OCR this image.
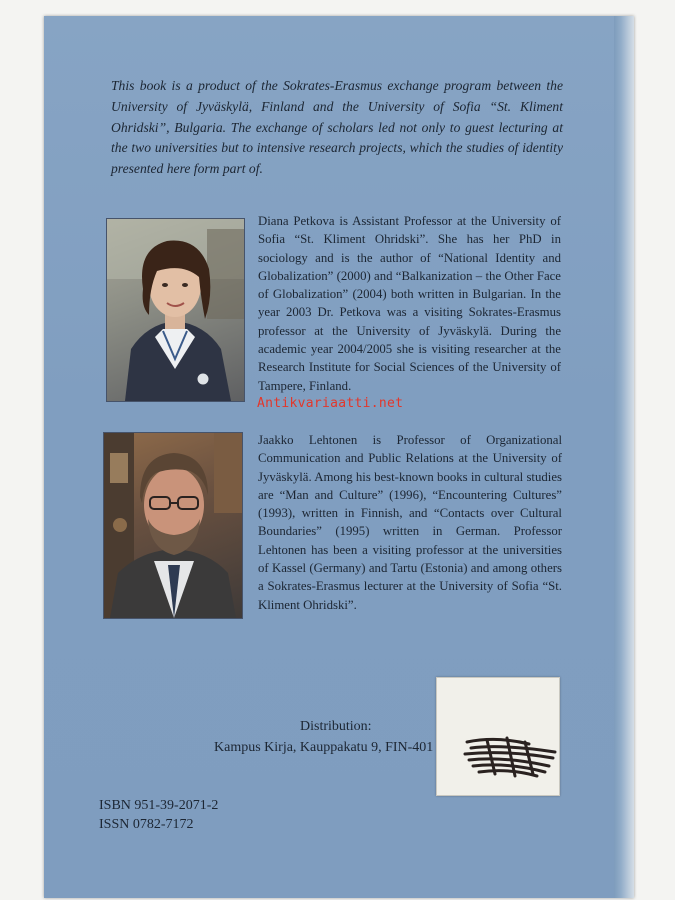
This book is a product of the Sokrates-Erasmus exchange program between the University of Jyväskylä, Finland and the University of Sofia “St. Kliment Ohridski”, Bulgaria. The exchange of scholars led not only to guest lecturing at the two universities but to intensive research projects, which the studies of identity presented here form part of.

Diana Petkova is Assistant Professor at the University of Sofia “St. Kliment Ohridski”. She has her PhD in sociology and is the author of “National Identity and Globalization” (2000) and “Balkanization – the Other Face of Globalization” (2004) both written in Bulgarian. In the year 2003 Dr. Petkova was a visiting Sokrates-Erasmus professor at the University of Jyväskylä. During the academic year 2004/2005 she is visiting researcher at the Research Institute for Social Sciences of the University of Tampere, Finland.

Antikvariaatti.net

Jaakko Lehtonen is Professor of Organizational Communication and Public Relations at the University of Jyväskylä. Among his best-known books in cultural studies are “Man and Culture” (1996), “Encountering Cultures” (1993), written in Finnish, and “Contacts over Cultural Boundaries” (1995) written in German. Professor Lehtonen has been a visiting professor at the universities of Kassel (Germany) and Tartu (Estonia) and among others a Sokrates-Erasmus lecturer at the University of Sofia “St. Kliment Ohridski”.

Distribution:
Kampus Kirja, Kauppakatu 9, FIN-401
ISBN 951-39-2071-2
ISSN 0782-7172
